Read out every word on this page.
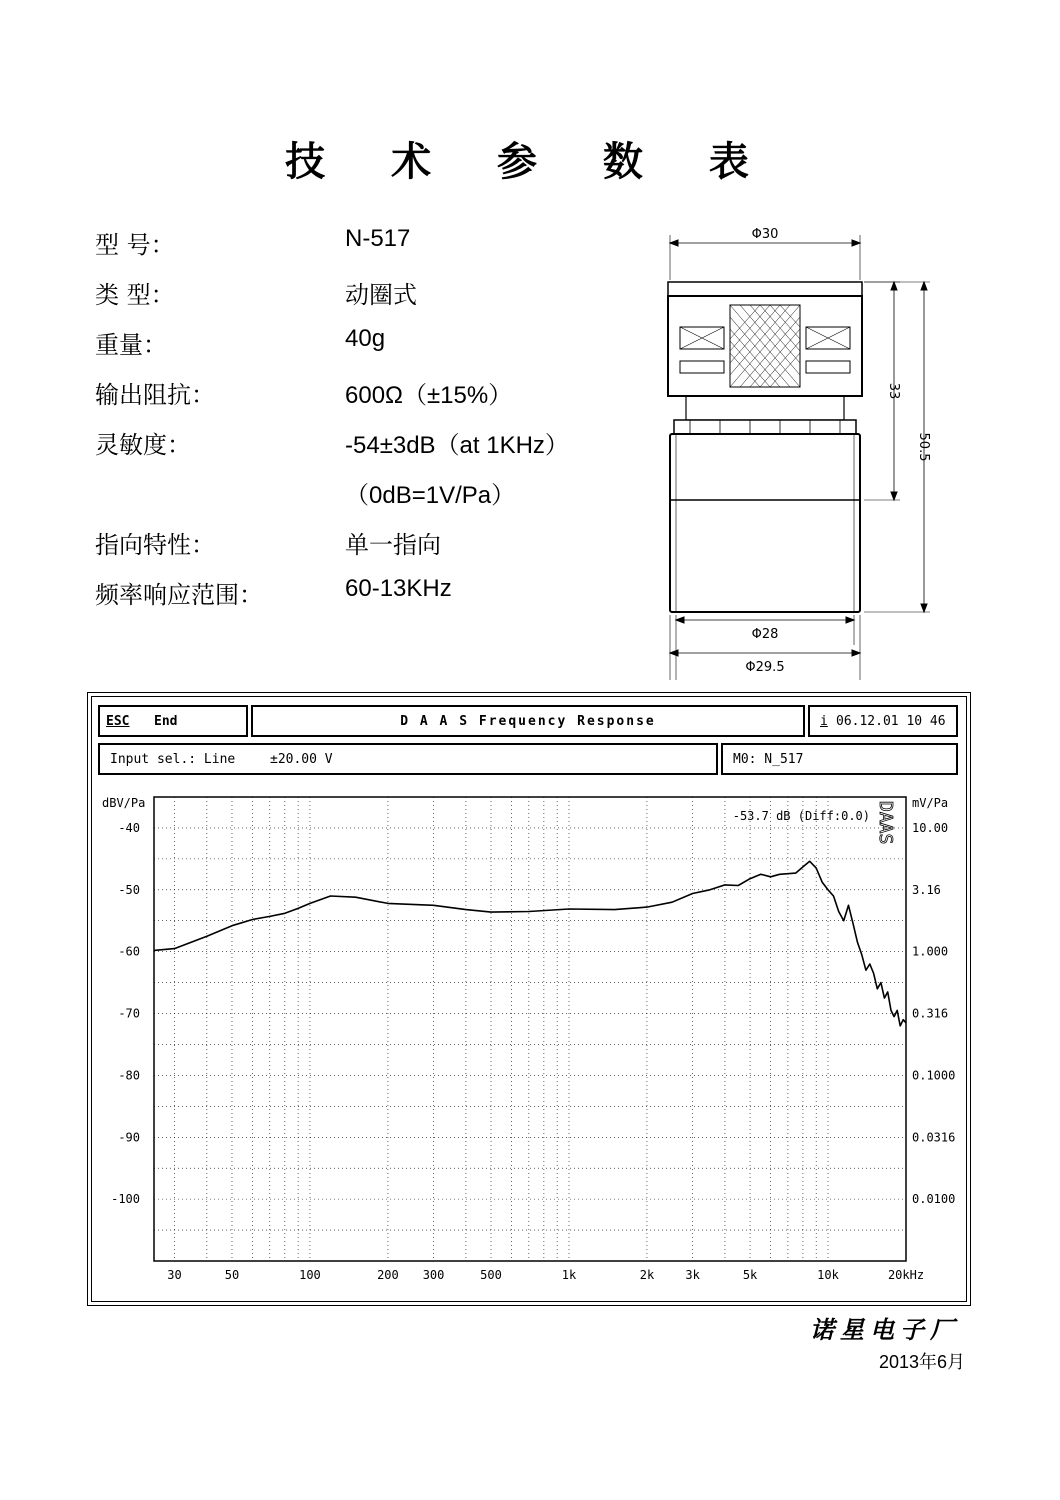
技 术 参 数 表
型 号：	N-517
类 型：	动圈式
重量：	40g
输出阻抗：	600Ω（±15%）
灵敏度：	-54±3dB（at 1KHz）
（0dB=1V/Pa）
指向特性：	单一指向
频率响应范围：	60-13KHz
Φ30
Φ28
Φ29.5
33
50.5
ESC End	D A A S Frequency Response	i 06.12.01 10 46
Input sel.: Line	±20.00 V	M0: N_517
dBV/Pa	mV/Pa
-40	10.00
-50	3.16
-60	1.000
-70	0.316
-80	0.1000
-90	0.0316
-100	0.0100
30	50	100	200 300	500	1k	2k	3k	5k	10k	20kHz
-53.7 dB (Diff:0.0) DAAS
诺星电子厂
2013年6月
